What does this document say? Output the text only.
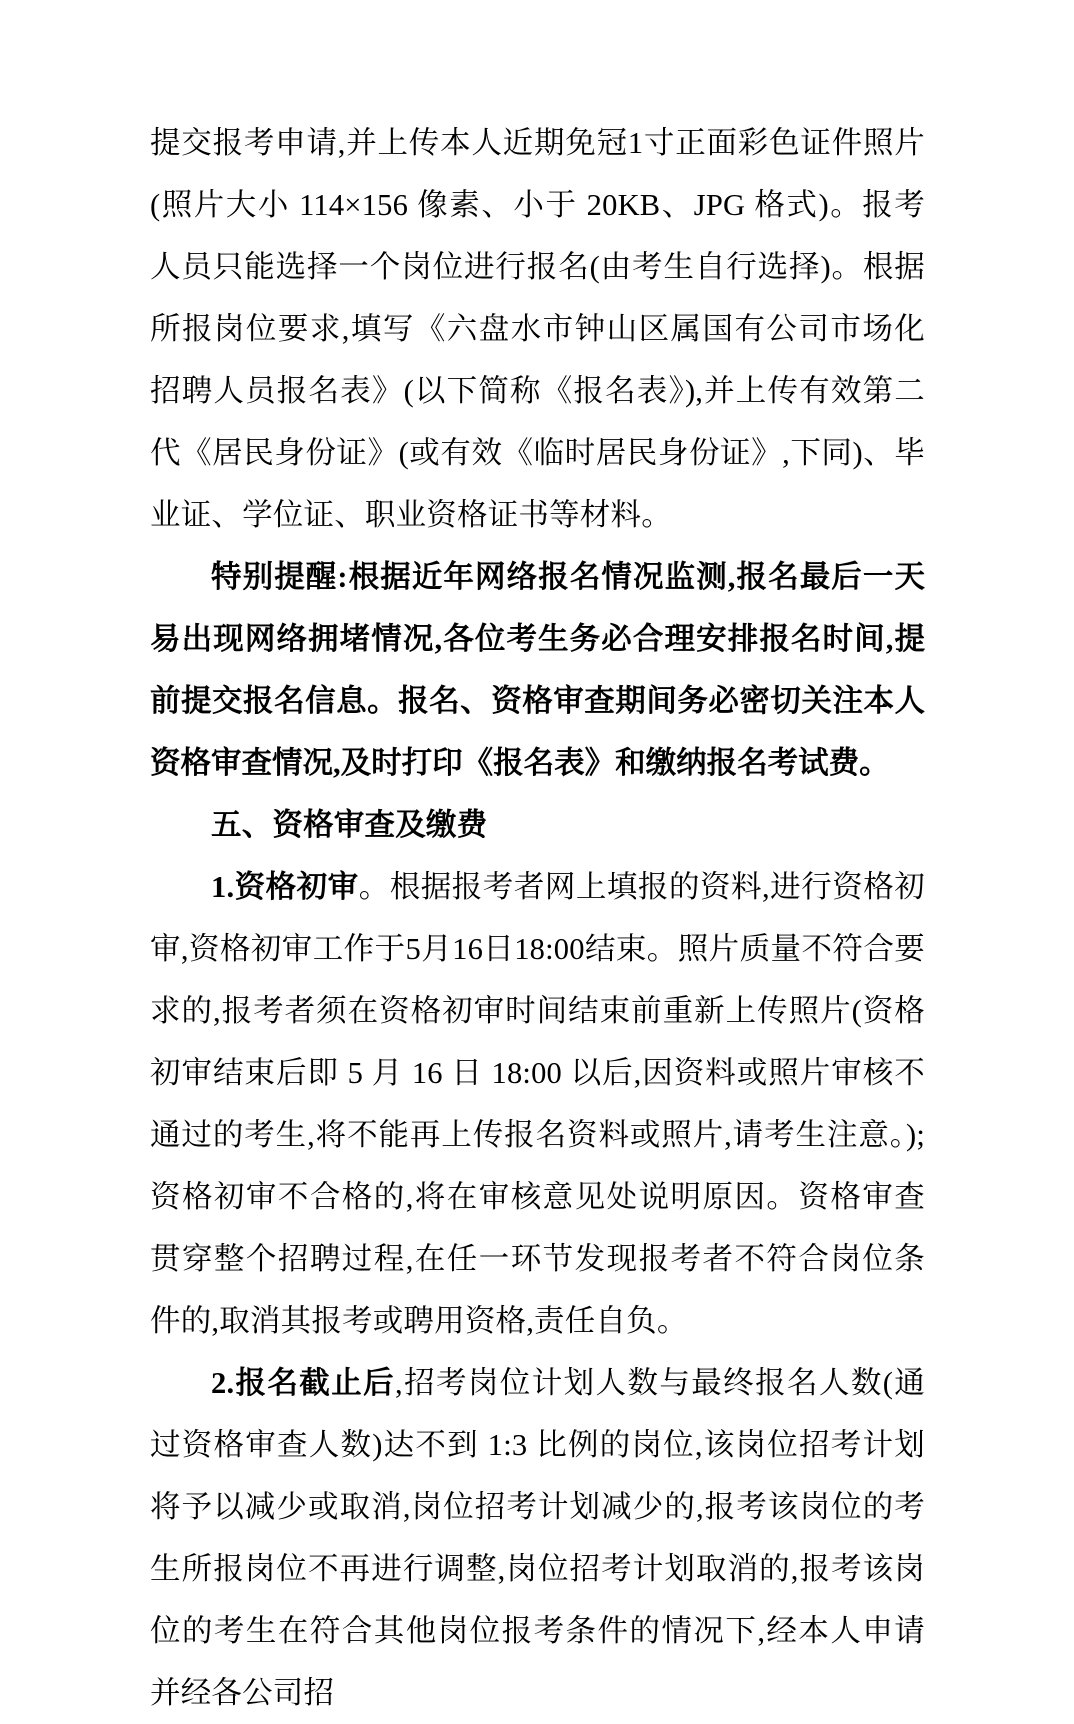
提交报考申请,并上传本人近期免冠1寸正面彩色证件照片(照片大小 114×156 像素、小于 20KB、JPG 格式)。报考人员只能选择一个岗位进行报名(由考生自行选择)。根据所报岗位要求,填写《六盘水市钟山区属国有公司市场化招聘人员报名表》(以下简称《报名表》),并上传有效第二代《居民身份证》(或有效《临时居民身份证》,下同)、毕业证、学位证、职业资格证书等材料。

特别提醒:根据近年网络报名情况监测,报名最后一天易出现网络拥堵情况,各位考生务必合理安排报名时间,提前提交报名信息。报名、资格审查期间务必密切关注本人资格审查情况,及时打印《报名表》和缴纳报名考试费。

五、资格审查及缴费

1.资格初审。根据报考者网上填报的资料,进行资格初审,资格初审工作于5月16日18:00结束。照片质量不符合要求的,报考者须在资格初审时间结束前重新上传照片(资格初审结束后即 5 月 16 日 18:00 以后,因资料或照片审核不通过的考生,将不能再上传报名资料或照片,请考生注意。);资格初审不合格的,将在审核意见处说明原因。资格审查贯穿整个招聘过程,在任一环节发现报考者不符合岗位条件的,取消其报考或聘用资格,责任自负。

2.报名截止后,招考岗位计划人数与最终报名人数(通过资格审查人数)达不到 1:3 比例的岗位,该岗位招考计划将予以减少或取消,岗位招考计划减少的,报考该岗位的考生所报岗位不再进行调整,岗位招考计划取消的,报考该岗位的考生在符合其他岗位报考条件的情况下,经本人申请并经各公司招
